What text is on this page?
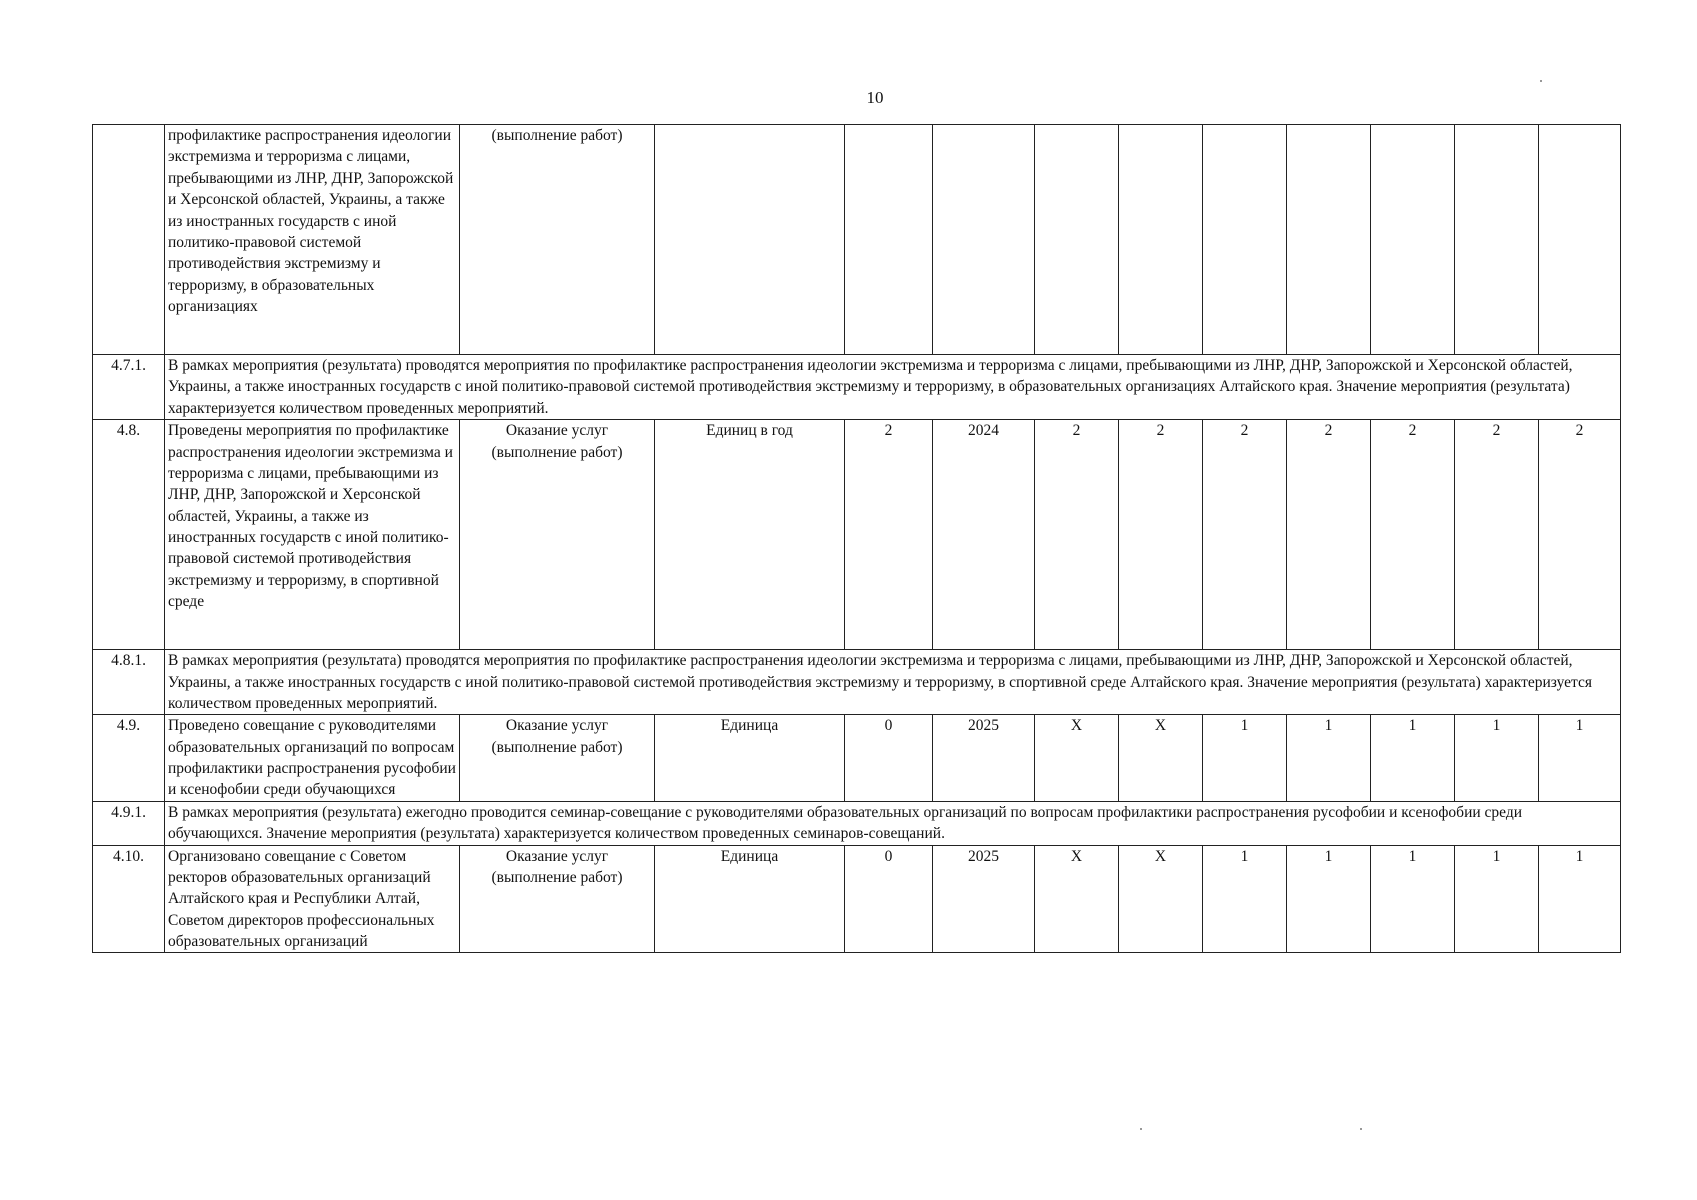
10
	профилактике распространения идеологии экстремизма и терроризма с лицами, пребывающими из ЛНР, ДНР, Запорожской и Херсонской областей, Украины, а также из иностранных государств с иной политико-правовой системой противодействия экстремизму и терроризму, в образовательных организациях	(выполнение работ)										
4.7.1.	В рамках мероприятия (результата) проводятся мероприятия по профилактике распространения идеологии экстремизма и терроризма с лицами, пребывающими из ЛНР, ДНР, Запорожской и Херсонской областей, Украины, а также иностранных государств с иной политико-правовой системой противодействия экстремизму и терроризму, в образовательных организациях Алтайского края. Значение мероприятия (результата) характеризуется количеством проведенных мероприятий.											
4.8.	Проведены мероприятия по профилактике распространения идеологии экстремизма и терроризма с лицами, пребывающими из ЛНР, ДНР, Запорожской и Херсонской областей, Украины, а также из иностранных государств с иной политико-правовой системой противодействия экстремизму и терроризму, в спортивной среде	Оказание услуг (выполнение работ)	Единиц в год	2	2024	2	2	2	2	2	2	2
4.8.1.	В рамках мероприятия (результата) проводятся мероприятия по профилактике распространения идеологии экстремизма и терроризма с лицами, пребывающими из ЛНР, ДНР, Запорожской и Херсонской областей, Украины, а также иностранных государств с иной политико-правовой системой противодействия экстремизму и терроризму, в спортивной среде Алтайского края. Значение мероприятия (результата) характеризуется количеством проведенных мероприятий.											
4.9.	Проведено совещание с руководителями образовательных организаций по вопросам профилактики распространения русофобии и ксенофобии среди обучающихся	Оказание услуг (выполнение работ)	Единица	0	2025	X	X	1	1	1	1	1
4.9.1.	В рамках мероприятия (результата) ежегодно проводится семинар-совещание с руководителями образовательных организаций по вопросам профилактики распространения русофобии и ксенофобии среди обучающихся. Значение мероприятия (результата) характеризуется количеством проведенных семинаров-совещаний.											
4.10.	Организовано совещание с Советом ректоров образовательных организаций Алтайского края и Республики Алтай, Советом директоров профессиональных образовательных организаций	Оказание услуг (выполнение работ)	Единица	0	2025	X	X	1	1	1	1	1
